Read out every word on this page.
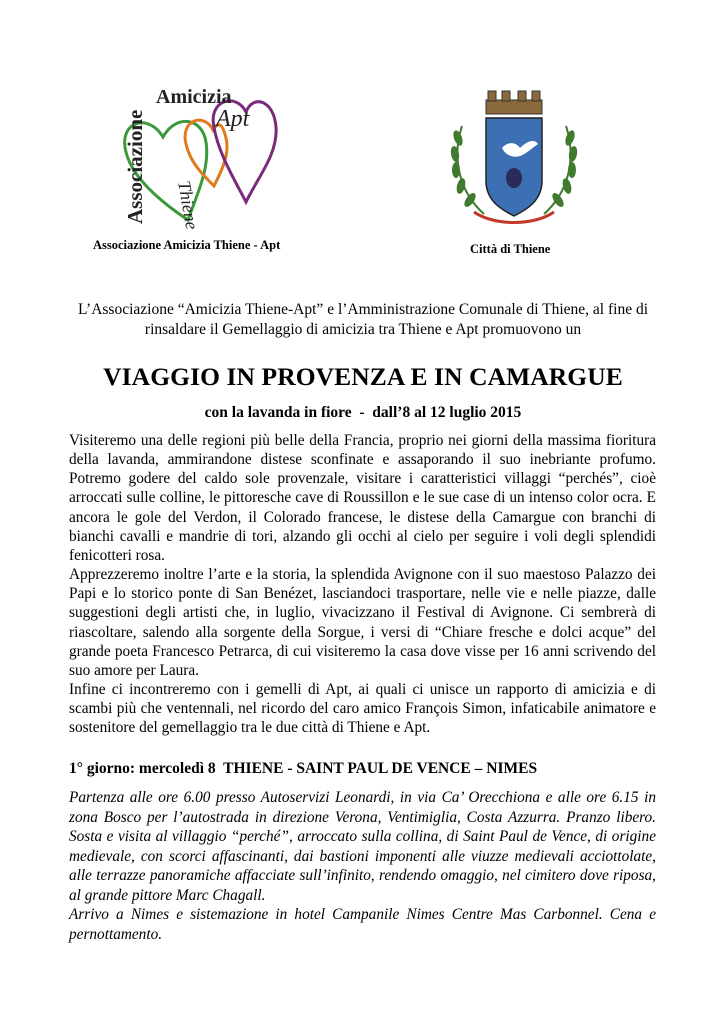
Associazione
Amicizia
Apt
Thiene
Associazione Amicizia Thiene - Apt	Città di Thiene
L’Associazione “Amicizia Thiene-Apt” e l’Amministrazione Comunale di Thiene, al fine di rinsaldare il Gemellaggio di amicizia tra Thiene e Apt promuovono un
VIAGGIO IN PROVENZA E IN CAMARGUE
con la lavanda in fiore  -  dall’8 al 12 luglio 2015

Visiteremo una delle regioni più belle della Francia, proprio nei giorni della massima fioritura della lavanda, ammirandone distese sconfinate e assaporando il suo inebriante profumo. Potremo godere del caldo sole provenzale, visitare i caratteristici villaggi “perchés”, cioè arroccati sulle colline, le pittoresche cave di Roussillon e le sue case di un intenso color ocra. E ancora le gole del Verdon, il Colorado francese, le distese della Camargue con branchi di bianchi cavalli e mandrie di tori, alzando gli occhi al cielo per seguire i voli degli splendidi fenicotteri rosa.

Apprezzeremo inoltre l’arte e la storia, la splendida Avignone con il suo maestoso Palazzo dei Papi e lo storico ponte di San Benézet, lasciandoci trasportare, nelle vie e nelle piazze, dalle suggestioni degli artisti che, in luglio, vivacizzano il Festival di Avignone. Ci sembrerà di riascoltare, salendo alla sorgente della Sorgue, i versi di “Chiare fresche e dolci acque” del grande poeta Francesco Petrarca, di cui visiteremo la casa dove visse per 16 anni scrivendo del suo amore per Laura.

Infine ci incontreremo con i gemelli di Apt, ai quali ci unisce un rapporto di amicizia e di scambi più che ventennali, nel ricordo del caro amico François Simon, infaticabile animatore e sostenitore del gemellaggio tra le due città di Thiene e Apt.

1° giorno: mercoledì 8  THIENE - SAINT PAUL DE VENCE – NIMES

Partenza alle ore 6.00 presso Autoservizi Leonardi, in via Ca’ Orecchiona e alle ore 6.15 in zona Bosco per l’autostrada in direzione Verona, Ventimiglia, Costa Azzurra. Pranzo libero. Sosta e visita al villaggio “perché”, arroccato sulla collina, di Saint Paul de Vence, di origine medievale, con scorci affascinanti, dai bastioni imponenti alle viuzze medievali acciottolate, alle terrazze panoramiche affacciate sull’infinito, rendendo omaggio, nel cimitero dove riposa, al grande pittore Marc Chagall.

Arrivo a Nimes e sistemazione in hotel Campanile Nimes Centre Mas Carbonnel. Cena e pernottamento.
